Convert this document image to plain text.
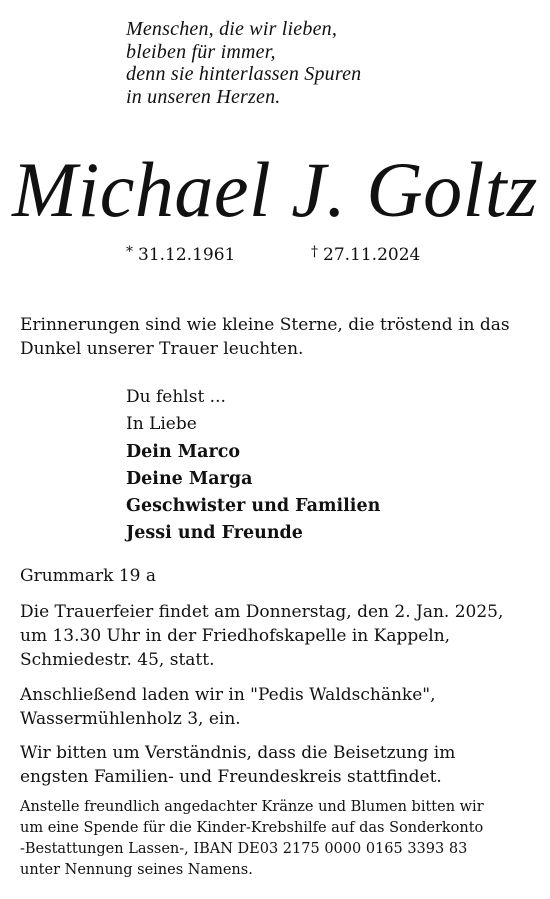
Menschen, die wir lieben,
bleiben für immer,
denn sie hinterlassen Spuren
in unseren Herzen.
Michael J. Goltz
* 31.12.1961	† 27.11.2024
Erinnerungen sind wie kleine Sterne, die tröstend in das
Dunkel unserer Trauer leuchten.
Du fehlst ...
In Liebe
Dein Marco
Deine Marga
Geschwister und Familien
Jessi und Freunde
Grummark 19 a
Die Trauerfeier findet am Donnerstag, den 2. Jan. 2025,
um 13.30 Uhr in der Friedhofskapelle in Kappeln,
Schmiedestr. 45, statt.
Anschließend laden wir in "Pedis Waldschänke",
Wassermühlenholz 3, ein.
Wir bitten um Verständnis, dass die Beisetzung im
engsten Familien- und Freundeskreis stattfindet.
Anstelle freundlich angedachter Kränze und Blumen bitten wir
um eine Spende für die Kinder-Krebshilfe auf das Sonderkonto
-Bestattungen Lassen-, IBAN DE03 2175 0000 0165 3393 83
unter Nennung seines Namens.
